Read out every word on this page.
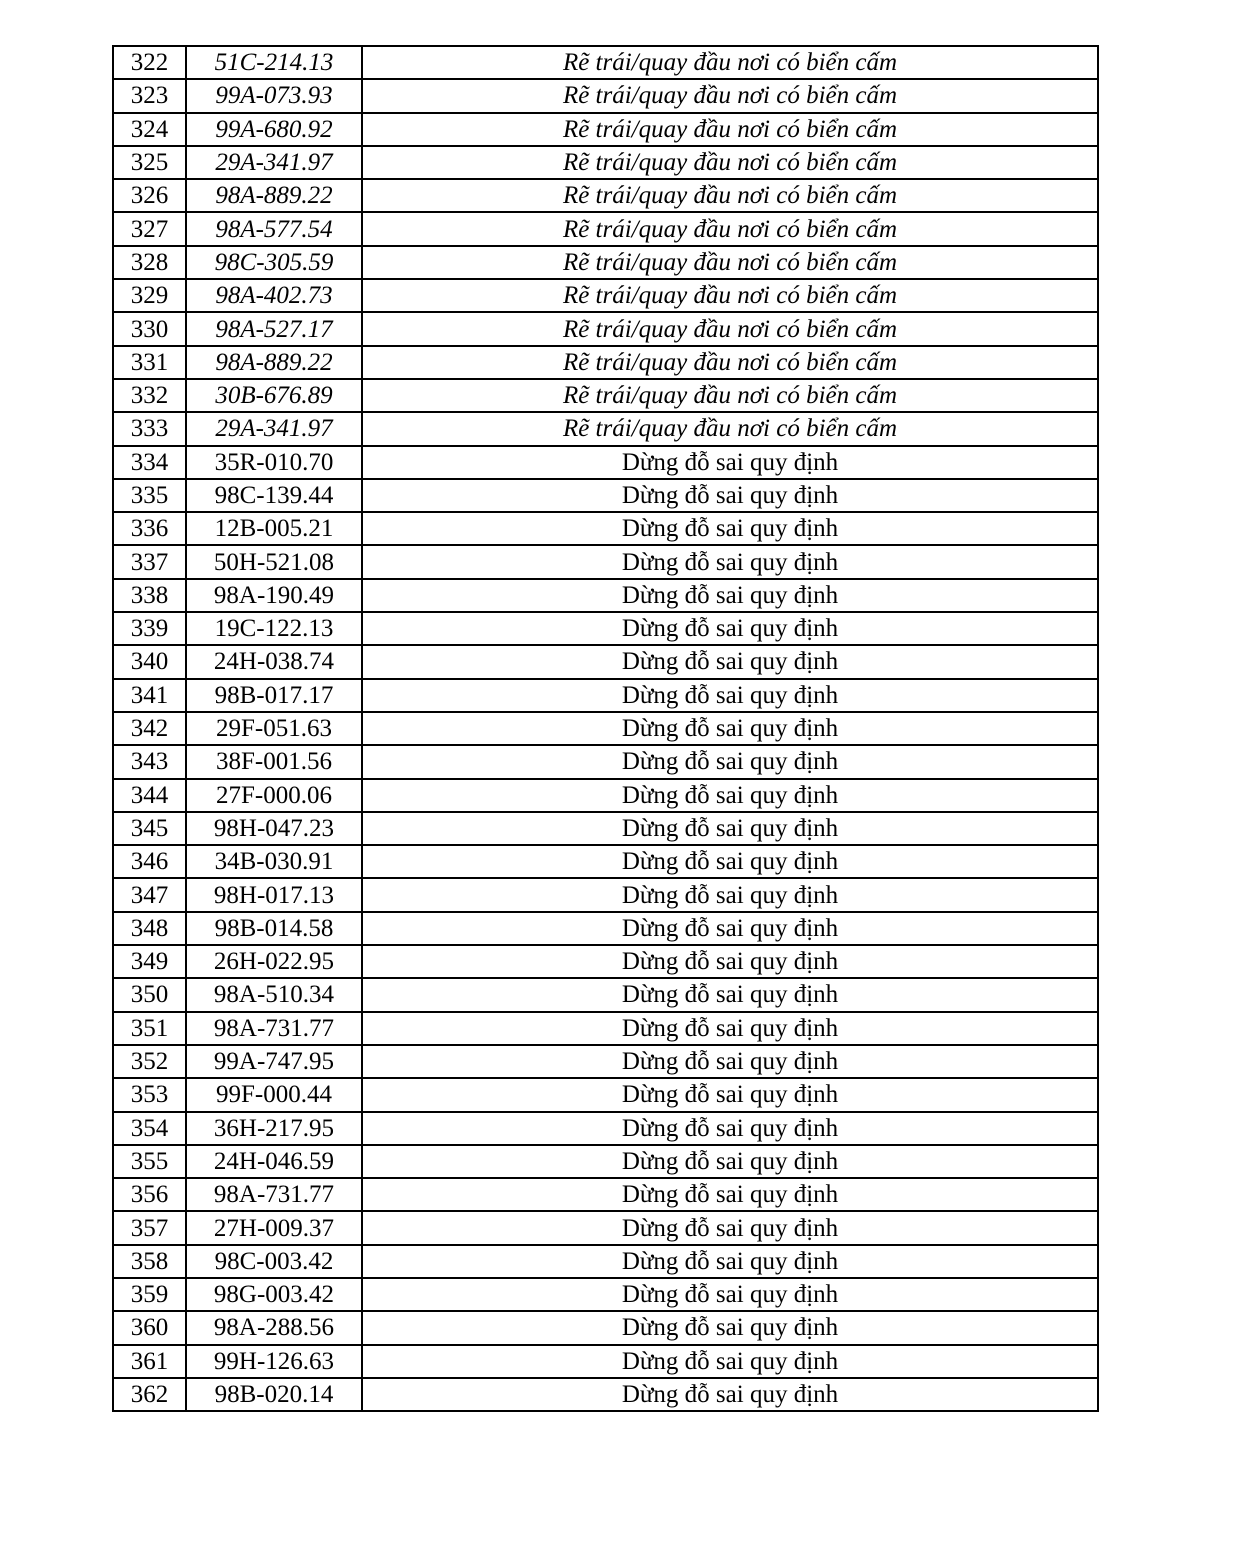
322	51C-214.13	Rẽ trái/quay đầu nơi có biển cấm
323	99A-073.93	Rẽ trái/quay đầu nơi có biển cấm
324	99A-680.92	Rẽ trái/quay đầu nơi có biển cấm
325	29A-341.97	Rẽ trái/quay đầu nơi có biển cấm
326	98A-889.22	Rẽ trái/quay đầu nơi có biển cấm
327	98A-577.54	Rẽ trái/quay đầu nơi có biển cấm
328	98C-305.59	Rẽ trái/quay đầu nơi có biển cấm
329	98A-402.73	Rẽ trái/quay đầu nơi có biển cấm
330	98A-527.17	Rẽ trái/quay đầu nơi có biển cấm
331	98A-889.22	Rẽ trái/quay đầu nơi có biển cấm
332	30B-676.89	Rẽ trái/quay đầu nơi có biển cấm
333	29A-341.97	Rẽ trái/quay đầu nơi có biển cấm
334	35R-010.70	Dừng đỗ sai quy định
335	98C-139.44	Dừng đỗ sai quy định
336	12B-005.21	Dừng đỗ sai quy định
337	50H-521.08	Dừng đỗ sai quy định
338	98A-190.49	Dừng đỗ sai quy định
339	19C-122.13	Dừng đỗ sai quy định
340	24H-038.74	Dừng đỗ sai quy định
341	98B-017.17	Dừng đỗ sai quy định
342	29F-051.63	Dừng đỗ sai quy định
343	38F-001.56	Dừng đỗ sai quy định
344	27F-000.06	Dừng đỗ sai quy định
345	98H-047.23	Dừng đỗ sai quy định
346	34B-030.91	Dừng đỗ sai quy định
347	98H-017.13	Dừng đỗ sai quy định
348	98B-014.58	Dừng đỗ sai quy định
349	26H-022.95	Dừng đỗ sai quy định
350	98A-510.34	Dừng đỗ sai quy định
351	98A-731.77	Dừng đỗ sai quy định
352	99A-747.95	Dừng đỗ sai quy định
353	99F-000.44	Dừng đỗ sai quy định
354	36H-217.95	Dừng đỗ sai quy định
355	24H-046.59	Dừng đỗ sai quy định
356	98A-731.77	Dừng đỗ sai quy định
357	27H-009.37	Dừng đỗ sai quy định
358	98C-003.42	Dừng đỗ sai quy định
359	98G-003.42	Dừng đỗ sai quy định
360	98A-288.56	Dừng đỗ sai quy định
361	99H-126.63	Dừng đỗ sai quy định
362	98B-020.14	Dừng đỗ sai quy định
